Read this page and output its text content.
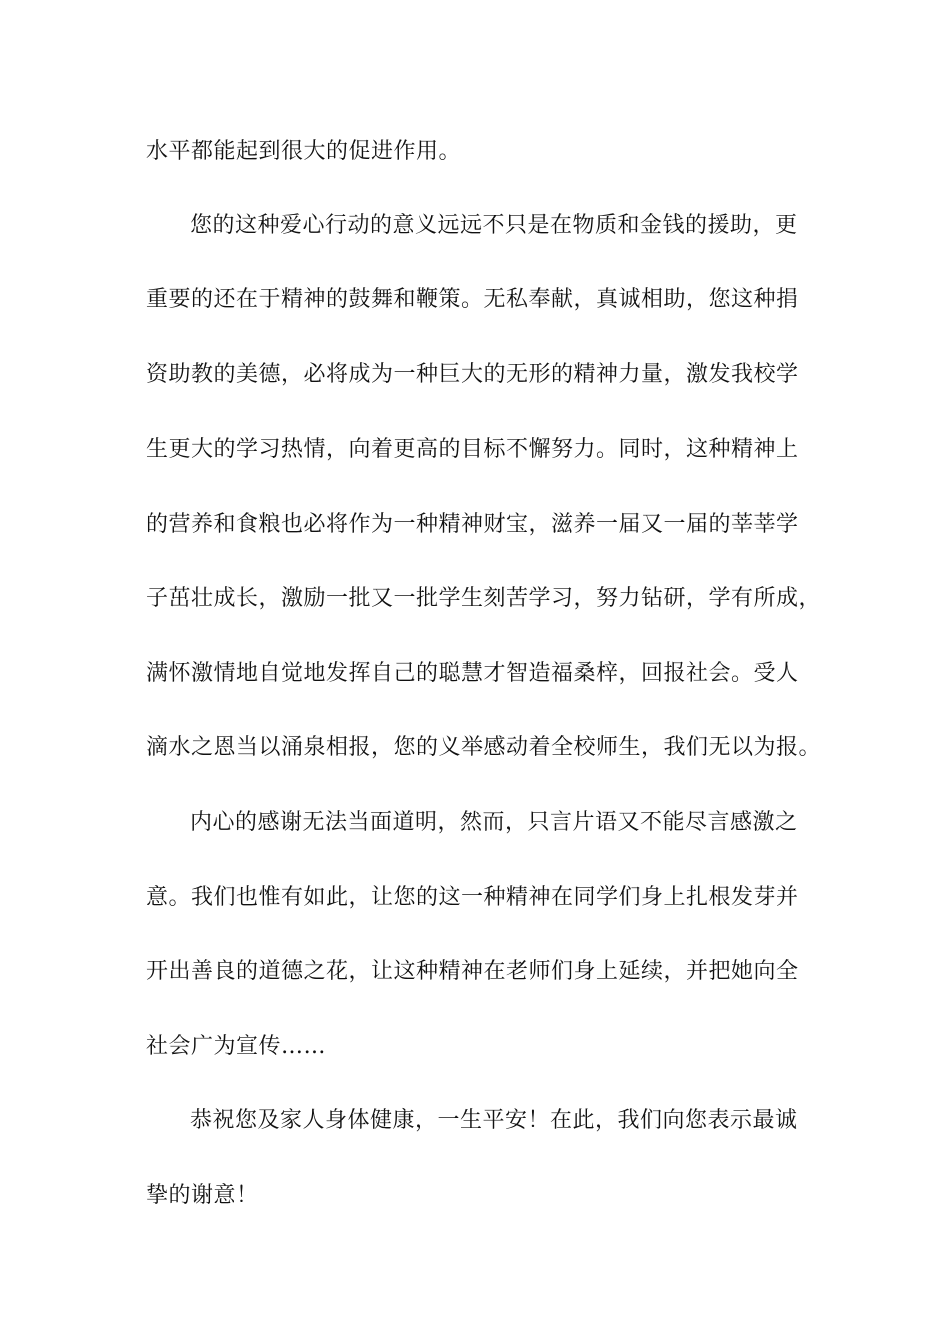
水平都能起到很大的促进作用。
您的这种爱心行动的意义远远不只是在物质和金钱的援助，更
重要的还在于精神的鼓舞和鞭策。无私奉献，真诚相助，您这种捐
资助教的美德，必将成为一种巨大的无形的精神力量，激发我校学
生更大的学习热情，向着更高的目标不懈努力。同时，这种精神上
的营养和食粮也必将作为一种精神财宝，滋养一届又一届的莘莘学
子茁壮成长，激励一批又一批学生刻苦学习，努力钻研，学有所成，
满怀激情地自觉地发挥自己的聪慧才智造福桑梓，回报社会。受人
滴水之恩当以涌泉相报，您的义举感动着全校师生，我们无以为报。
内心的感谢无法当面道明，然而，只言片语又不能尽言感激之
意。我们也惟有如此，让您的这一种精神在同学们身上扎根发芽并
开出善良的道德之花，让这种精神在老师们身上延续，并把她向全
社会广为宣传……
恭祝您及家人身体健康，一生平安！在此，我们向您表示最诚
挚的谢意！
